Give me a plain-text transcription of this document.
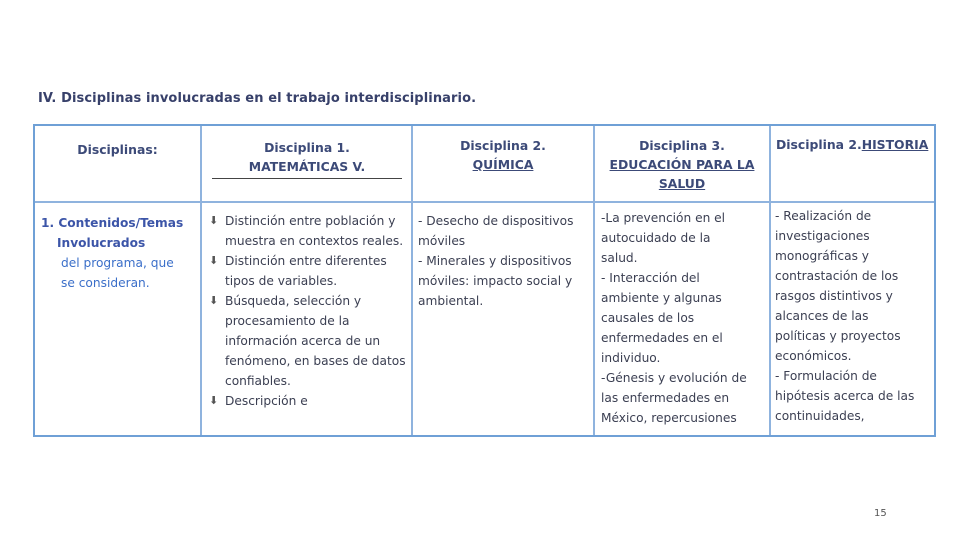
IV. Disciplinas involucradas en el trabajo interdisciplinario.
Disciplinas:	Disciplina 1.
MATEMÁTICAS V.
Disciplina 2.
QUÍMICA
Disciplina 3.
EDUCACIÓN PARA LA
SALUD
Disciplina 2.HISTORIA
1. Contenidos/Temas
Involucrados
del programa, que
se consideran.
⬇ Distinción entre población y muestra en contextos reales.
⬇ Distinción entre diferentes tipos de variables.
⬇ Búsqueda, selección y procesamiento de la información acerca de un fenómeno, en bases de datos confiables.
⬇ Descripción e
- Desecho de dispositivos
móviles
- Minerales y dispositivos
móviles: impacto social y
ambiental.
-La prevención en el
autocuidado de la
salud.
- Interacción del
ambiente y algunas
causales de los
enfermedades en el
individuo.
-Génesis y evolución de
las enfermedades en
México, repercusiones
- Realización de
investigaciones
monográficas y
contrastación de los
rasgos distintivos y
alcances de las
políticas y proyectos
económicos.
- Formulación de
hipótesis acerca de las
continuidades,
15
